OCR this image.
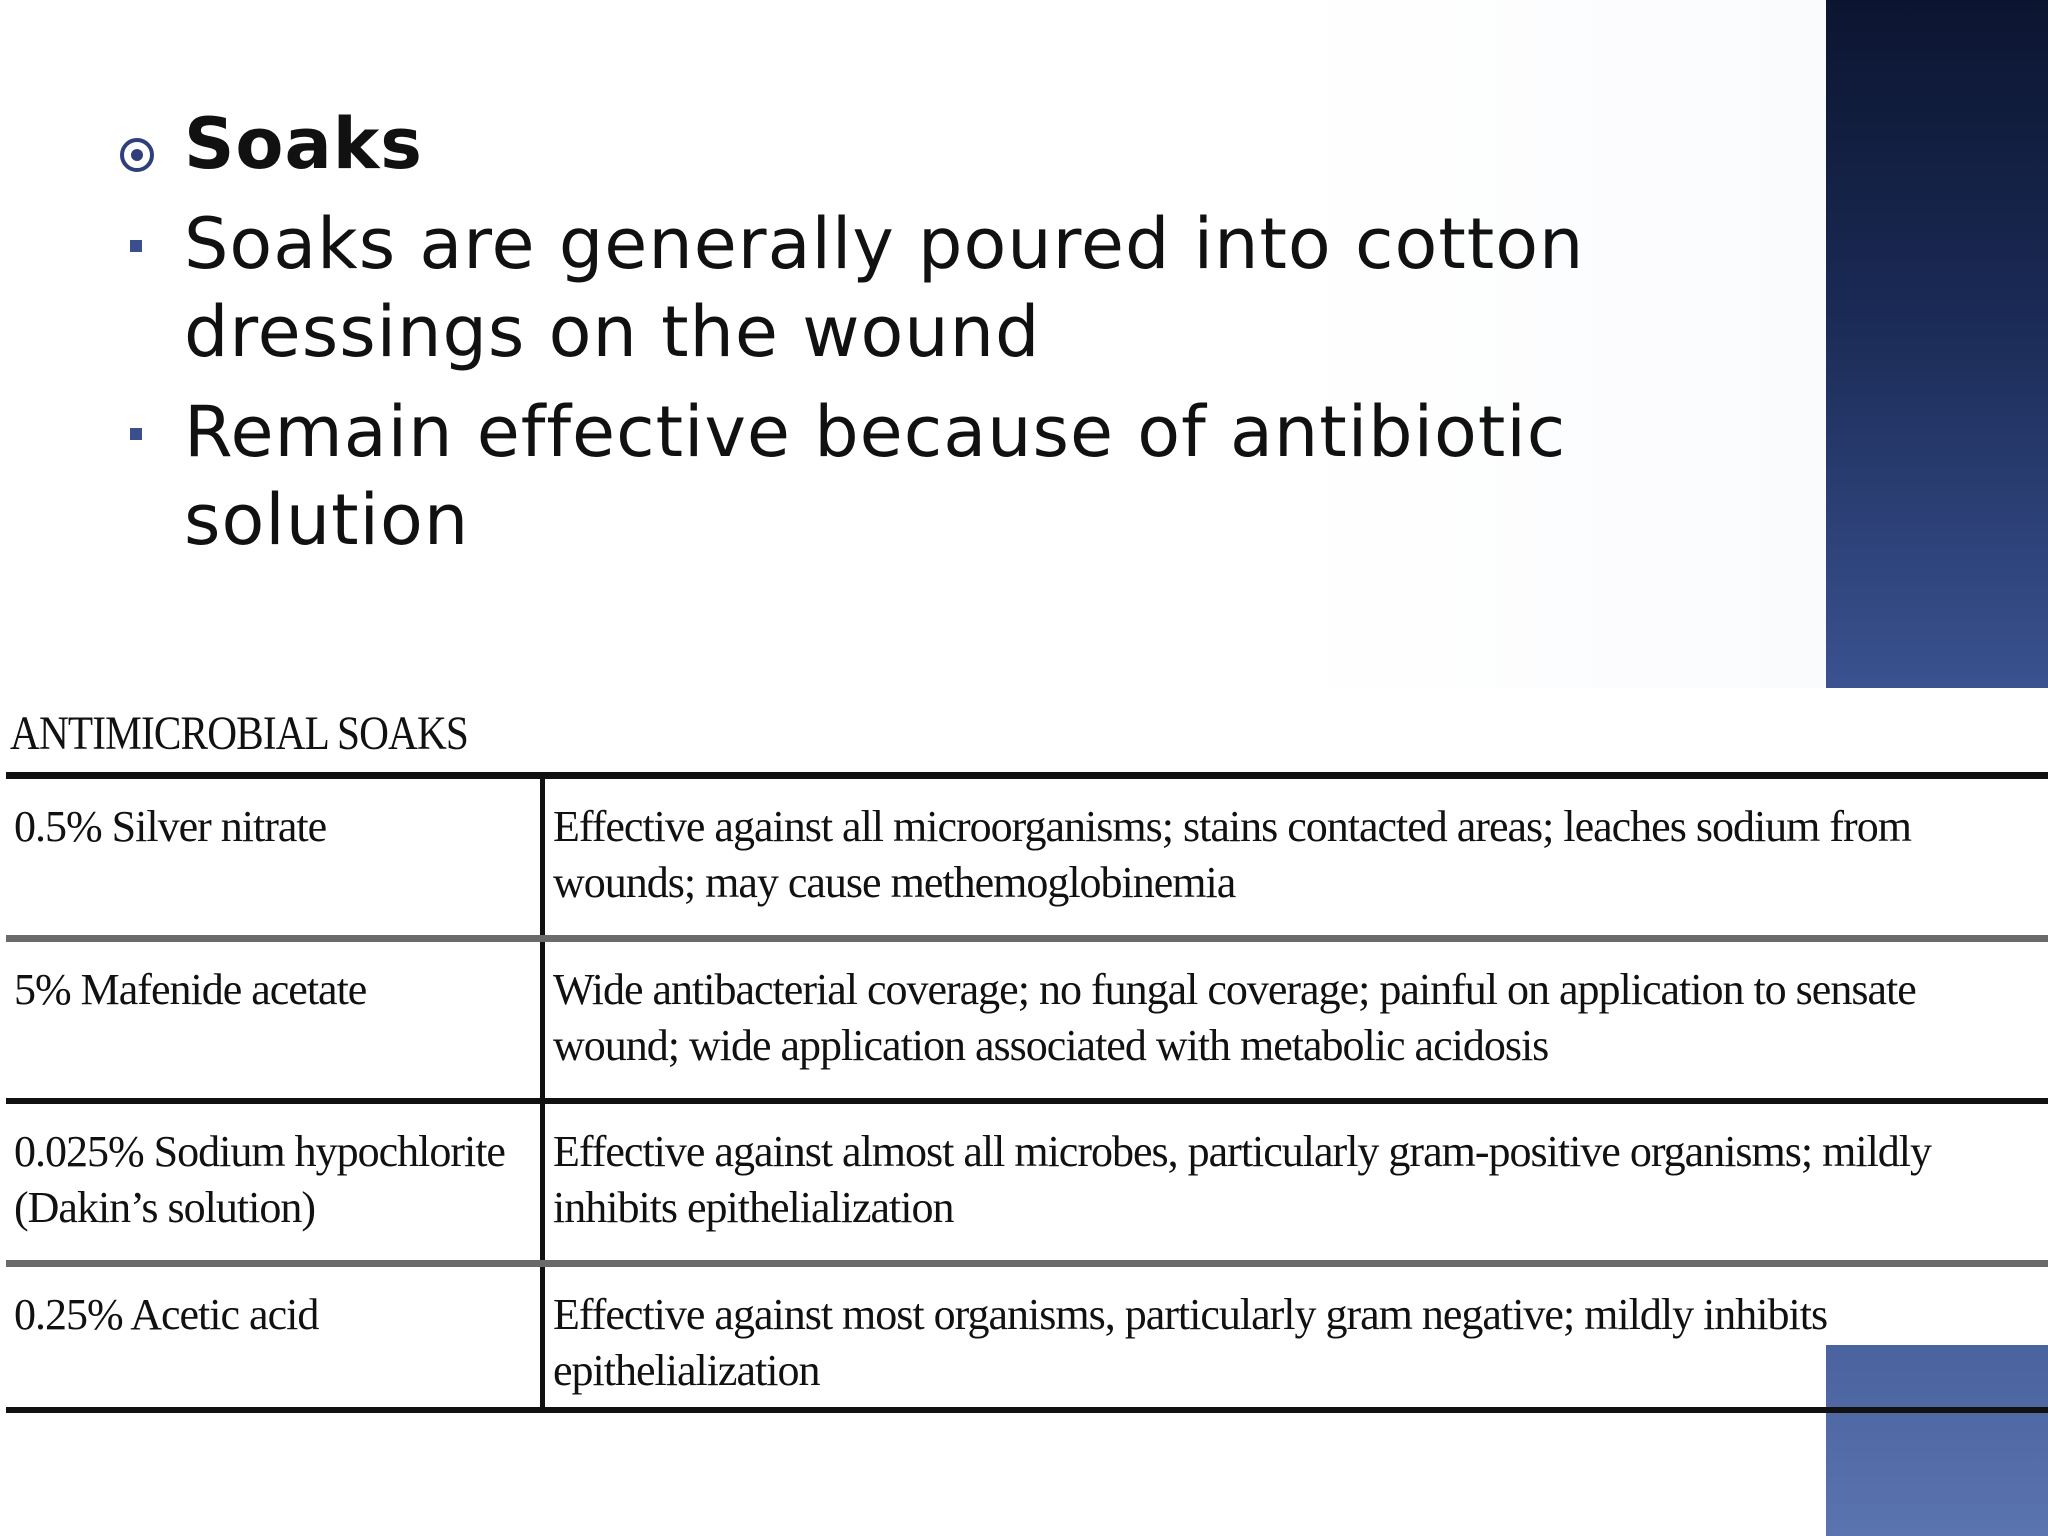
Soaks
Soaks are generally poured into cotton dressings on the wound
Remain effective because of antibiotic solution
ANTIMICROBIAL SOAKS
0.5% Silver nitrate	Effective against all microorganisms; stains contacted areas; leaches sodium from wounds; may cause methemoglobinemia
5% Mafenide acetate	Wide antibacterial coverage; no fungal coverage; painful on application to sensate wound; wide application associated with metabolic acidosis
0.025% Sodium hypochlorite (Dakin’s solution)	Effective against almost all microbes, particularly gram-positive organisms; mildly inhibits epithelialization
0.25% Acetic acid	Effective against most organisms, particularly gram negative; mildly inhibits epithelialization
